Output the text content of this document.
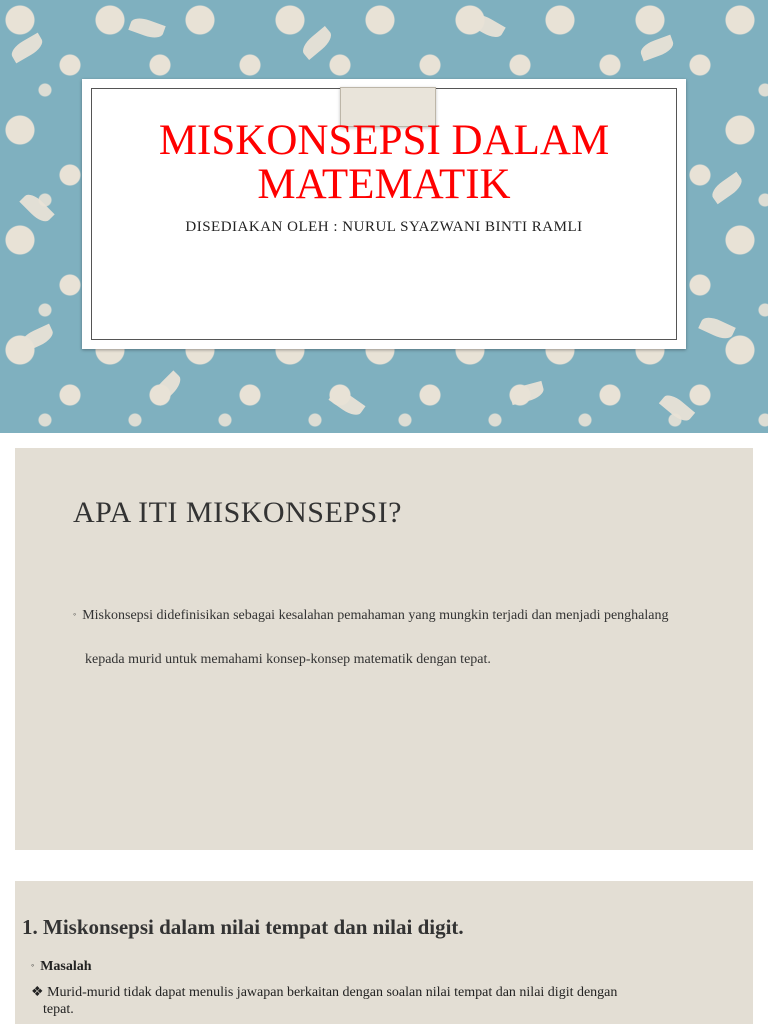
MISKONSEPSI DALAM
MATEMATIK
DISEDIAKAN OLEH : NURUL SYAZWANI BINTI RAMLI
APA ITI MISKONSEPSI?
◦ Miskonsepsi didefinisikan sebagai kesalahan pemahaman yang mungkin terjadi dan menjadi penghalang
kepada murid untuk memahami konsep-konsep matematik dengan tepat.
1. Miskonsepsi dalam nilai tempat dan nilai digit.
◦ Masalah
❖ Murid-murid tidak dapat menulis jawapan berkaitan dengan soalan nilai tempat dan nilai digit dengan
tepat.
